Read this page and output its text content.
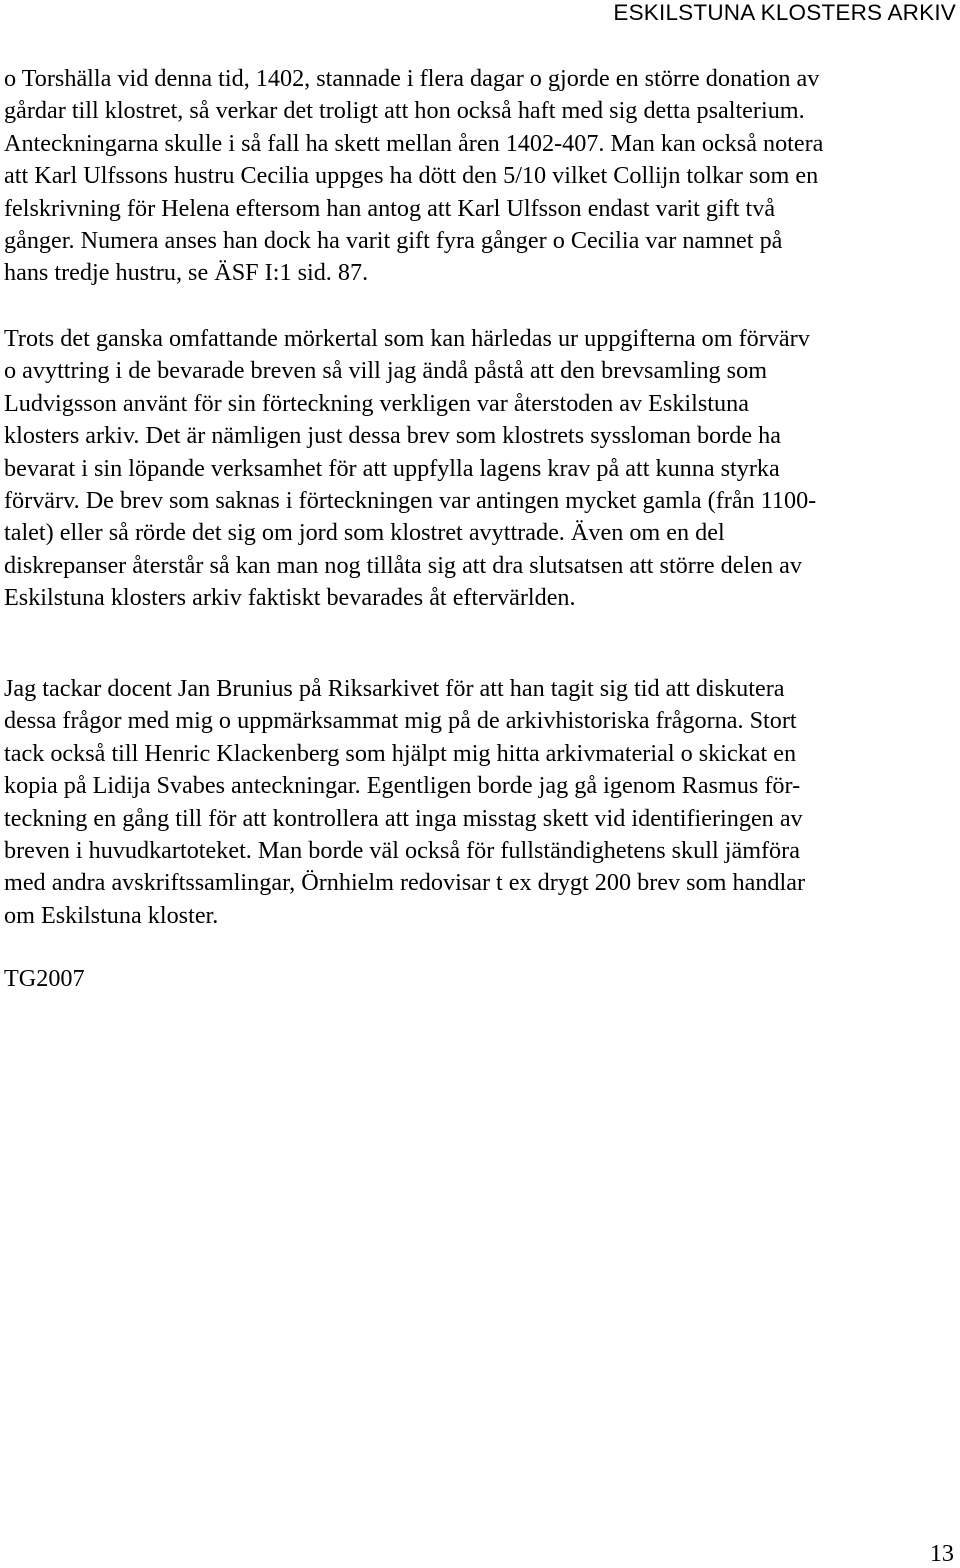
ESKILSTUNA KLOSTERS ARKIV

o Torshälla vid denna tid, 1402, stannade i flera dagar o gjorde en större donation av
gårdar till klostret, så verkar det troligt att hon också haft med sig detta psalterium.
Anteckningarna skulle i så fall ha skett mellan åren 1402-407. Man kan också notera
att Karl Ulfssons hustru Cecilia uppges ha dött den 5/10 vilket Collijn tolkar som en
felskrivning för Helena eftersom han antog att Karl Ulfsson endast varit gift två
gånger. Numera anses han dock ha varit gift fyra gånger o Cecilia var namnet på
hans tredje hustru, se ÄSF I:1 sid. 87.

Trots det ganska omfattande mörkertal som kan härledas ur uppgifterna om förvärv
o avyttring i de bevarade breven så vill jag ändå påstå att den brevsamling som
Ludvigsson använt för sin förteckning verkligen var återstoden av Eskilstuna
klosters arkiv. Det är nämligen just dessa brev som klostrets syssloman borde ha
bevarat i sin löpande verksamhet för att uppfylla lagens krav på att kunna styrka
förvärv. De brev som saknas i förteckningen var antingen mycket gamla (från 1100-
talet) eller så rörde det sig om jord som klostret avyttrade. Även om en del
diskrepanser återstår så kan man nog tillåta sig att dra slutsatsen att större delen av
Eskilstuna klosters arkiv faktiskt bevarades åt eftervärlden.

Jag tackar docent Jan Brunius på Riksarkivet för att han tagit sig tid att diskutera
dessa frågor med mig o uppmärksammat mig på de arkivhistoriska frågorna. Stort
tack också till Henric Klackenberg som hjälpt mig hitta arkivmaterial o skickat en
kopia på Lidija Svabes anteckningar. Egentligen borde jag gå igenom Rasmus för-
teckning en gång till för att kontrollera att inga misstag skett vid identifieringen av
breven i huvudkartoteket. Man borde väl också för fullständighetens skull jämföra
med andra avskriftssamlingar, Örnhielm redovisar t ex drygt 200 brev som handlar
om Eskilstuna kloster.

TG2007

13
